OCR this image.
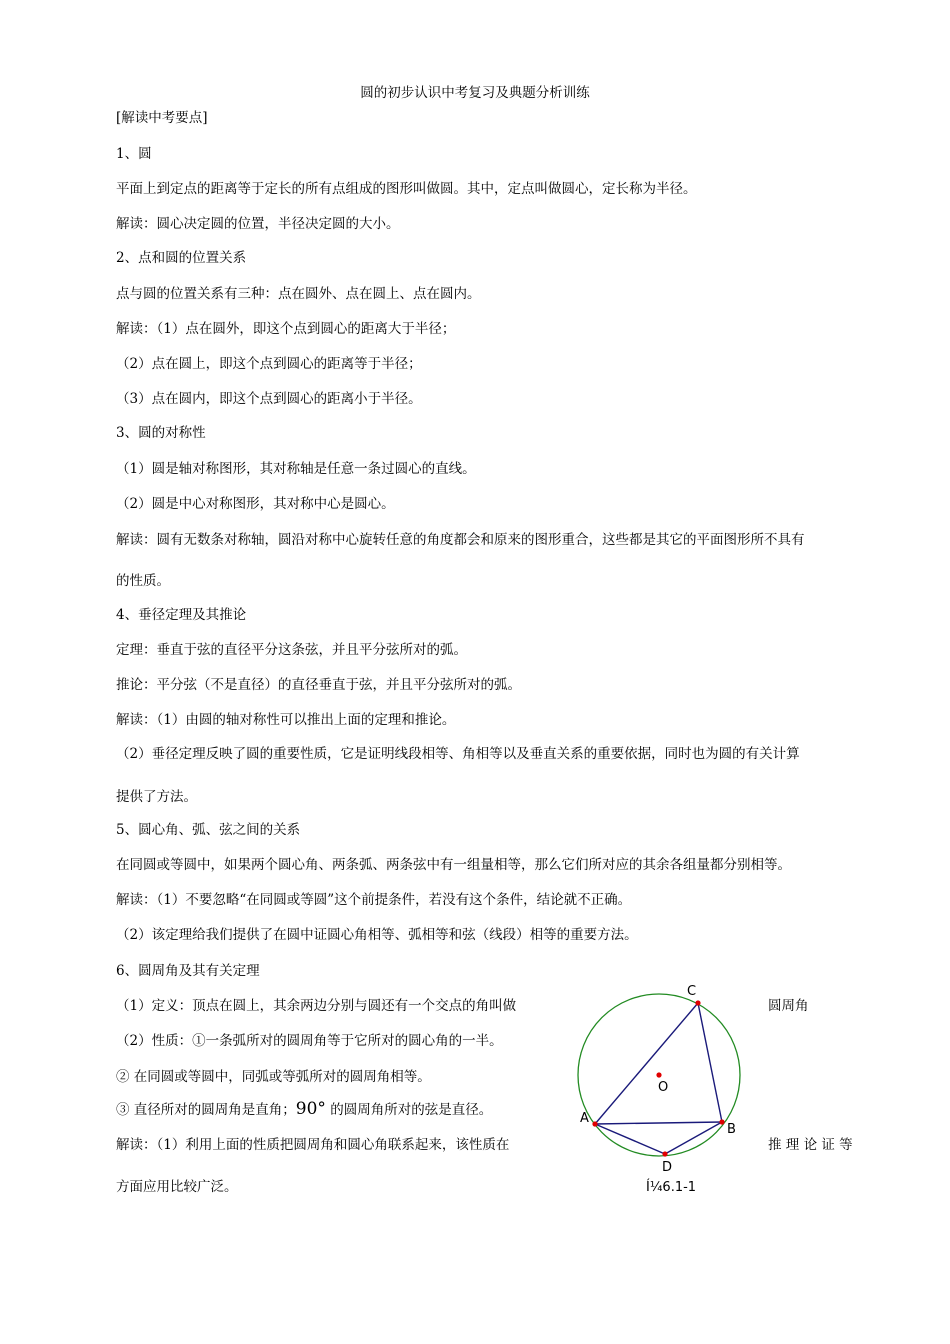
圆的初步认识中考复习及典题分析训练
[解读中考要点]
1、圆
平面上到定点的距离等于定长的所有点组成的图形叫做圆。其中，定点叫做圆心，定长称为半径。
解读：圆心决定圆的位置，半径决定圆的大小。
2、点和圆的位置关系
点与圆的位置关系有三种：点在圆外、点在圆上、点在圆内。
解读：（1）点在圆外，即这个点到圆心的距离大于半径；
（2）点在圆上，即这个点到圆心的距离等于半径；
（3）点在圆内，即这个点到圆心的距离小于半径。
3、圆的对称性
（1）圆是轴对称图形，其对称轴是任意一条过圆心的直线。
（2）圆是中心对称图形，其对称中心是圆心。
解读：圆有无数条对称轴，圆沿对称中心旋转任意的角度都会和原来的图形重合，这些都是其它的平面图形所不具有
的性质。
4、垂径定理及其推论
定理：垂直于弦的直径平分这条弦，并且平分弦所对的弧。
推论：平分弦（不是直径）的直径垂直于弦，并且平分弦所对的弧。
解读：（1）由圆的轴对称性可以推出上面的定理和推论。
（2）垂径定理反映了圆的重要性质，它是证明线段相等、角相等以及垂直关系的重要依据，同时也为圆的有关计算
提供了方法。
5、圆心角、弧、弦之间的关系
在同圆或等圆中，如果两个圆心角、两条弧、两条弦中有一组量相等，那么它们所对应的其余各组量都分别相等。
解读：（1）不要忽略“在同圆或等圆”这个前提条件，若没有这个条件，结论就不正确。
（2）该定理给我们提供了在圆中证圆心角相等、弧相等和弦（线段）相等的重要方法。
6、圆周角及其有关定理
（1）定义：顶点在圆上，其余两边分别与圆还有一个交点的角叫做	圆周角
（2）性质：①一条弧所对的圆周角等于它所对的圆心角的一半。
② 在同圆或等圆中，同弧或等弧所对的圆周角相等。
③ 直径所对的圆周角是直角；90° 的圆周角所对的弦是直径。
解读：（1）利用上面的性质把圆周角和圆心角联系起来，该性质在	推 理 论 证 等
方面应用比较广泛。
C
O
A
B
D
Í¼6.1-1
